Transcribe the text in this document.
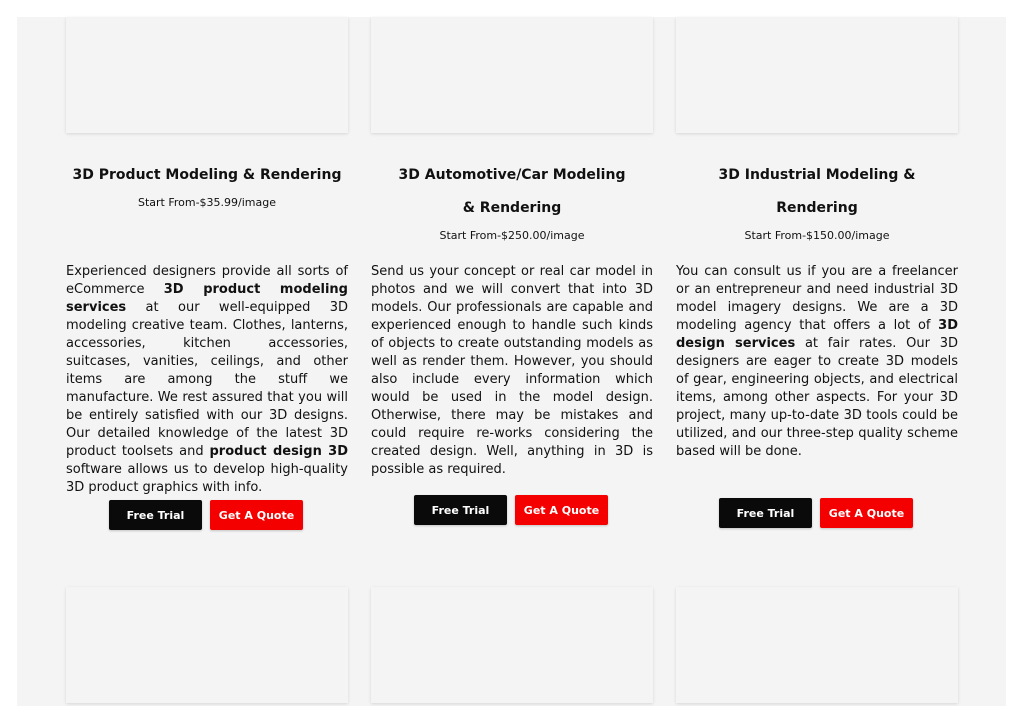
3D Product Modeling & Rendering

Start From-$35.99/image

Experienced designers provide all sorts of eCommerce 3D product modeling services at our well-equipped 3D modeling creative team. Clothes, lanterns, accessories, kitchen accessories, suitcases, vanities, ceilings, and other items are among the stuff we manufacture. We rest assured that you will be entirely satisfied with our 3D designs. Our detailed knowledge of the latest 3D product toolsets and product design 3D software allows us to develop high-quality 3D product graphics with info.

Free Trial	Get A Quote
3D Automotive/Car Modeling & Rendering

Start From-$250.00/image

Send us your concept or real car model in photos and we will convert that into 3D models. Our professionals are capable and experienced enough to handle such kinds of objects to create outstanding models as well as render them. However, you should also include every information which would be used in the model design. Otherwise, there may be mistakes and could require re-works considering the created design. Well, anything in 3D is possible as required.

Free Trial	Get A Quote
3D Industrial Modeling & Rendering

Start From-$150.00/image

You can consult us if you are a freelancer or an entrepreneur and need industrial 3D model imagery designs. We are a 3D modeling agency that offers a lot of 3D design services at fair rates. Our 3D designers are eager to create 3D models of gear, engineering objects, and electrical items, among other aspects. For your 3D project, many up-to-date 3D tools could be utilized, and our three-step quality scheme based will be done.

Free Trial	Get A Quote
